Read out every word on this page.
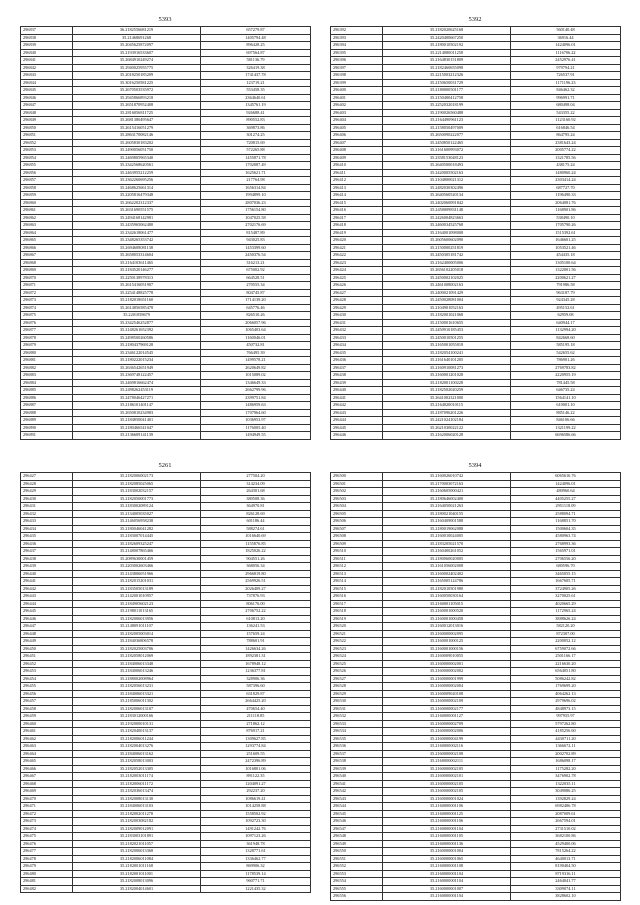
5393
296837	36.2182556681219	657279.87
296838	35.21468691268	1405794.48
296839	35.2045625872097	896428.25
296840	35.2193916533607	697564.87
296841	35.2684910249274	581136.79
296842	35.2940025955775	326419.38
296843	35.2018250185209	1741437.78
296844	35.3016250581225	123719.21
296845	35.2670503535972	553458.35
296846	35.2945866893218	2364640.61
296847	35.2651870952408	1345761.19
296848	35.2816056811725	926688.41
296849	35.2681380495647	890552.83
296850	35.2615416051279	369873.86
296851	35.2863170082146	301274.25
296852	35.2605830183202	720815.69
296853	35.2490056051750	572265.88
296854	35.2469805965340	1455871.78
296855	35.2342568620561	1702087.49
296856	35.2463955212259	1625621.71
296857	35.2362260695256	217764.98
296858	35.2468625661314	1656314.84
296859	35.2205816479348	1994899.10
296860	35.2662202312337	2807036.23
296861	35.2631690551575	1756154.80
296862	35.2494168142981	1047025.58
296863	35.2435965062480	2702176.69
296864	35.2342618061477	815487.89
296865	35.2348265353742	943025.83
296866	35.2694608081138	1453399.60
296867	35.2658053314604	2450376.54
296868	35.2164103611465	316213.21
296869	35.2184520146277	675002.92
296870	35.2250138978313	664528.51
296871	35.2615416051907	270555.34
296872	35.2254148825778	804745.87
296873	35.2182018651160	1714139.20
296874	35.2614856585478	645776.46
296875	35.2201058679	826510.26
296876	35.2342546252877	2066057.96
296877	35.2148261652392	1065403.64
296878	35.2498500260586	1160046.01
296879	35.2180437969128	450732.81
296880	35.2346122014545	766495.39
296881	35.2180222015234	1499578.21
296882	35.2636542651949	2620649.82
296883	35.2369748122457	1015089.02
296884	35.2469816662474	1346649.33
296885	35.2498262453119	2662799.96
296886	35.2478046427271	2399751.84
296887	35.2186101401147	1486959.63
296888	35.2650810234983	1707964.60
296889	35.2184850041401	1036953.97
296890	35.2180466541047	1176005.40
296891	35.2136609141139	1494949.55
5392
296392	35.2182020625168	560140.48
296393	35.2420400667250	36916.44
296394	35.2180010502192	1424096.01
296395	35.2214080011258	1116706.22
296396	35.2164830151809	2452976.41
296397	35.2182460655098	979794.21
296398	35.2215003212326	726537.91
296399	35.2150650031729	1171196.23
296400	35.2180000501177	846462.32
296401	35.2150400412758	996991.71
296402	35.2252032018199	680498.04
296403	35.2190026560488	543355.22
296404	35.2164490961123	1123160.92
296405	35.2158050497009	616846.54
296406	35.2650090222077	864795.24
296407	35.2450850122465	2381643.24
296408	35.2161600993072	2005774.22
296409	35.2358153048123	1321785.56
296410	35.2640500018493	438175.24
296411	35.2420005502163	1480960.24
296412	35.2104800021312	2303414.24
296413	35.2482030302496	687727.70
296414	35.2640560520134	1196490.33
296415	35.2402060091842	2064081.76
296416	35.2450009831148	1168901.86
296417	35.2426004823663	538490.10
296418	35.2460034525768	1705790.26
296419	35.2164001098008	1515392.61
296420	35.2605600602090	1646601.25
296421	35.2150000251819	1053521.46
296422	35.2450305181742	454435.18
296423	35.2162400005006	1305100.64
296424	35.2656102205018	1322001.56
296425	35.2450002102025	2200621.27
296426	35.2461008002163	791986.58
296427	35.2400021091429	963187.79
296428	35.2450028081004	924345.28
296429	35.2104901052163	495152.61
296430	35.2182001021068	62959.08
296431	35.2150001610655	640944.17
296432	35.2450910185453	1132994.20
296433	35.2450010501255	842668.60
296434	35.2165001055018	585195.18
296435	35.2182054100241	542655.62
296436	35.2161640101205	786901.26
296437	35.2160910081273	2769783.82
296438	35.2160001201028	2220955.19
296439	35.2182001100228	781445.58
296440	35.2182502020259	646735.24
296441	35.2641002321000	1564141.10
296442	35.2164020010115	610001.10
296443	35.2187096201226	885146.22
296444	35.2421024102184	846106.66
296445	35.2621030022122	1321199.22
296446	35.2162006020128	6696586.66
5261
296427	35.2182006002173	277504.20
296428	35.2182085025065	314234.09
296429	35.2183002032157	264301.68
296430	35.2182050001773	380508.36
296431	35.2183002089124	364970.81
296432	35.2134005035027	826128.69
296433	35.2146056958238	601186.44
296434	35.2180046041282	588274.61
296435	35.2183007014445	1016640.69
296436	35.2182609325247	1155876.85
296437	35.2148007865466	1825026.22
296438	35.2089630001459	904551.26
296439	35.2203002603466	368056.34
296440	35.2143806051966	2966819.80
296441	35.2182015201031	2569926.51
296442	35.2183505013189	2026409.27
296443	35.2142001010957	737876.93
296444	35.2184905602123	806176.00
296445	35.2198011013165	2706752.22
296446	35.2182006013956	610813.20
296447	35.2148091011107	136241.53
296448	35.2182005003014	157659.24
296449	35.2184036806578	788601.91
296450	35.2182025003706	1426634.26
296451	35.2182058012069	1892381.31
296452	35.2184006013348	1678948.12
296453	35.2184006013246	1236377.81
296454	35.2188002008964	328906.36
296455	35.2182056013231	587396.60
296456	35.2184006013321	631829.87
296457	35.2185006011302	2664425.20
296458	35.2182006013107	470654.40
296459	35.2183012000166	211118.85
296460	35.2192000010131	271862.12
296461	35.2182040013137	876917.21
296462	35.2182006011244	1309627.85
296463	35.2182004013276	1293774.84
296464	35.2184006013162	251609.55
296465	35.2182058013003	2472396.89
296466	35.2182052013305	1016801.06
296467	35.2182003011174	891122.35
296468	35.2182006011172	1204091.27
296469	35.2182036013474	292237.20
296470	35.2182008013130	1086619.41
296471	35.2184006013103	1014258.88
296472	35.2182002011278	1558502.92
296473	35.2182003082182	1092723.30
296474	35.2182009012091	1491242.76
296475	35.2183003101891	1097123.26
296476	35.2182021011057	361948.78
296477	35.2182006013368	1328771.61
296478	35.2182006011084	1336462.77
296479	35.2182001011168	869906.32
296480	35.2182001011001	1178539.14
296481	35.2182008013096	960771.71
296482	35.2182004014601	1221435.32
5394
296500	35.2160026010742	6065616.76
296501	35.2170003072163	1424096.01
296502	35.2160605000421	480960.64
296503	35.2180646002400	4405255.27
296504	35.2164050021263	2951118.09
296505	35.2180021040155	2588094.71
296506	35.2160409001588	1168851.70
296507	35.2180019062088	1500604.35
296508	35.2160010024005	4580963.74
296509	35.2183205021570	2768993.36
296510	35.2160400261052	1565971.01
296511	35.2180060020005	2706556.20
296512	35.2161056002008	680596.70
296513	35.2160002402402	3465055.15
296514	35.2165005124786	1667605.71
296515	35.2182010501980	3724905.26
296516	35.2160050030164	3270025.61
296517	35.2160001105015	4020665.29
296518	35.2160001000520	1172965.24
296519	35.2160001000458	3888626.24
296520	35.2160012013016	582120.20
296521	35.2160000002095	872307.00
296522	35.2160001000125	2200052.12
296523	35.2160001000156	6759072.66
296524	35.2160009010055	2501166.17
296525	35.2160000002001	2216630.20
296526	35.2160000002002	6564051.80
296527	35.2160000001999	5086242.82
296528	35.2160000002004	1769699.20
296529	35.2160009020108	4064262.13
296530	35.2160000002109	2979696.02
296531	35.2160000002177	4848973.15
296532	35.2160000001127	997955.97
296533	35.2160000002709	5797262.80
296534	35.2160000002006	4185256.60
296535	35.2160000004199	4430711.20
296536	35.2160000002116	1366672.11
296537	35.2160000002108	2002702.89
296538	35.2160000002111	1686098.17
296539	35.2160000002105	1175282.20
296540	35.2160000002101	3476902.78
296541	35.2160000002105	1322035.11
296542	35.2160000002105	3049086.25
296543	35.2160000001024	1392829.24
296544	35.2160000001106	6982486.78
296545	35.2160000001125	2087009.61
296546	35.2160000001106	2667594.01
296547	35.2160000001104	2731510.02
296548	35.2160000001105	3682100.86
296549	35.2160000001136	4529400.06
296550	35.2160000001004	7815264.22
296551	35.2160000001065	4640013.71
296552	35.2160000001108	8190404.50
296553	35.2160000001104	8719316.11
296554	35.2160000001104	2464041.77
296555	35.2160000001007	3309074.11
296556	35.2160000001104	3828602.10
